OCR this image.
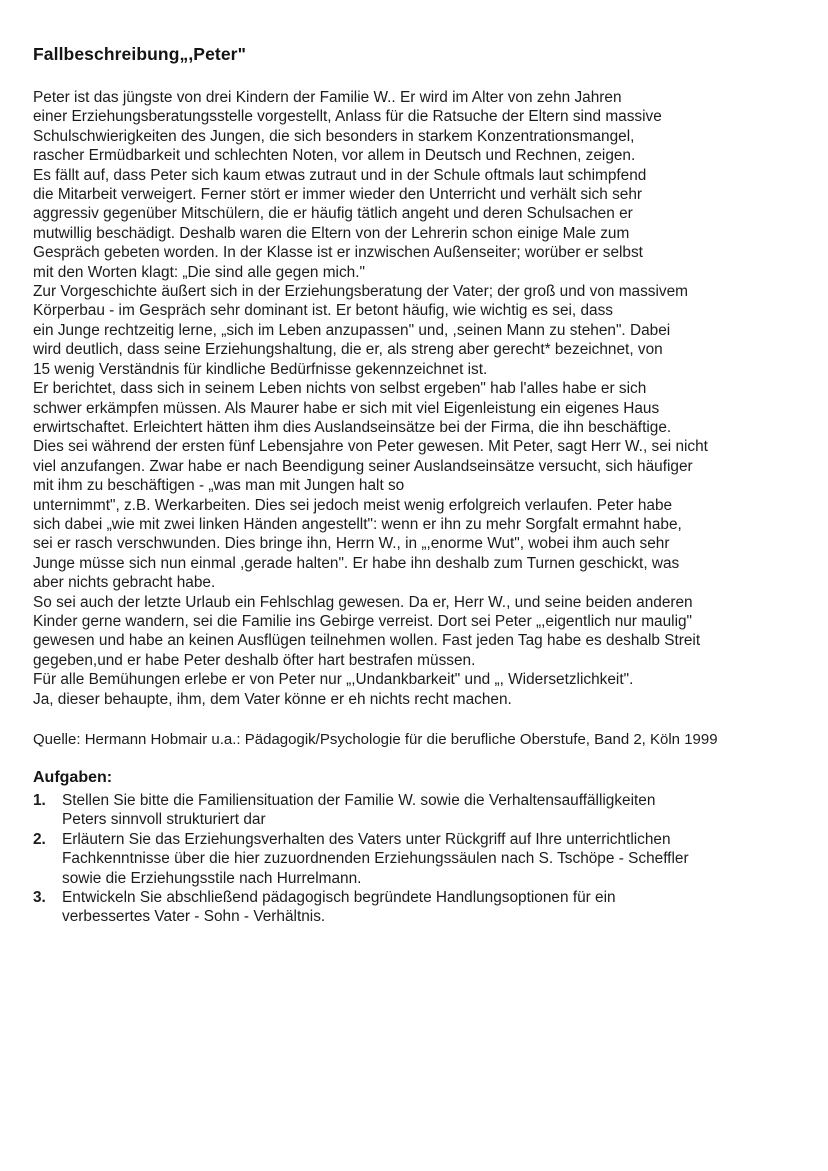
Fallbeschreibung„,Peter"
Peter ist das jüngste von drei Kindern der Familie W.. Er wird im Alter von zehn Jahren
einer Erziehungsberatungsstelle vorgestellt, Anlass für die Ratsuche der Eltern sind massive
Schulschwierigkeiten des Jungen, die sich besonders in starkem Konzentrationsmangel,
rascher Ermüdbarkeit und schlechten Noten, vor allem in Deutsch und Rechnen, zeigen.
Es fällt auf, dass Peter sich kaum etwas zutraut und in der Schule oftmals laut schimpfend
die Mitarbeit verweigert. Ferner stört er immer wieder den Unterricht und verhält sich sehr
aggressiv gegenüber Mitschülern, die er häufig tätlich angeht und deren Schulsachen er
mutwillig beschädigt. Deshalb waren die Eltern von der Lehrerin schon einige Male zum
Gespräch gebeten worden. In der Klasse ist er inzwischen Außenseiter; worüber er selbst
mit den Worten klagt: „Die sind alle gegen mich."
Zur Vorgeschichte äußert sich in der Erziehungsberatung der Vater; der groß und von massivem
Körperbau - im Gespräch sehr dominant ist. Er betont häufig, wie wichtig es sei, dass
ein Junge rechtzeitig lerne, „sich im Leben anzupassen" und, ,seinen Mann zu stehen". Dabei
wird deutlich, dass seine Erziehungshaltung, die er, als streng aber gerecht* bezeichnet, von
15 wenig Verständnis für kindliche Bedürfnisse gekennzeichnet ist.
Er berichtet, dass sich in seinem Leben nichts von selbst ergeben" hab l'alles habe er sich
schwer erkämpfen müssen. Als Maurer habe er sich mit viel Eigenleistung ein eigenes Haus
erwirtschaftet. Erleichtert hätten ihm dies Auslandseinsätze bei der Firma, die ihn beschäftige.
Dies sei während der ersten fünf Lebensjahre von Peter gewesen. Mit Peter, sagt Herr W., sei nicht
viel anzufangen. Zwar habe er nach Beendigung seiner Auslandseinsätze versucht, sich häufiger
mit ihm zu beschäftigen - „was man mit Jungen halt so
unternimmt", z.B. Werkarbeiten. Dies sei jedoch meist wenig erfolgreich verlaufen. Peter habe
sich dabei „wie mit zwei linken Händen angestellt": wenn er ihn zu mehr Sorgfalt ermahnt habe,
sei er rasch verschwunden. Dies bringe ihn, Herrn W., in „,enorme Wut", wobei ihm auch sehr
Junge müsse sich nun einmal ,gerade halten". Er habe ihn deshalb zum Turnen geschickt, was
aber nichts gebracht habe.
So sei auch der letzte Urlaub ein Fehlschlag gewesen. Da er, Herr W., und seine beiden anderen
Kinder gerne wandern, sei die Familie ins Gebirge verreist. Dort sei Peter „,eigentlich nur maulig"
gewesen und habe an keinen Ausflügen teilnehmen wollen. Fast jeden Tag habe es deshalb Streit
gegeben,und er habe Peter deshalb öfter hart bestrafen müssen.
Für alle Bemühungen erlebe er von Peter nur „,Undankbarkeit" und „, Widersetzlichkeit".
Ja, dieser behaupte, ihm, dem Vater könne er eh nichts recht machen.

Quelle: Hermann Hobmair u.a.: Pädagogik/Psychologie für die berufliche Oberstufe, Band 2, Köln 1999

Aufgaben:
1.	Stellen Sie bitte die Familiensituation der Familie W. sowie die Verhaltensauffälligkeiten
Peters sinnvoll strukturiert dar
2.	Erläutern Sie das Erziehungsverhalten des Vaters unter Rückgriff auf Ihre unterrichtlichen
Fachkenntnisse über die hier zuzuordnenden Erziehungssäulen nach S. Tschöpe - Scheffler
sowie die Erziehungsstile nach Hurrelmann.
3.	Entwickeln Sie abschließend pädagogisch begründete Handlungsoptionen für ein
verbessertes Vater - Sohn - Verhältnis.
